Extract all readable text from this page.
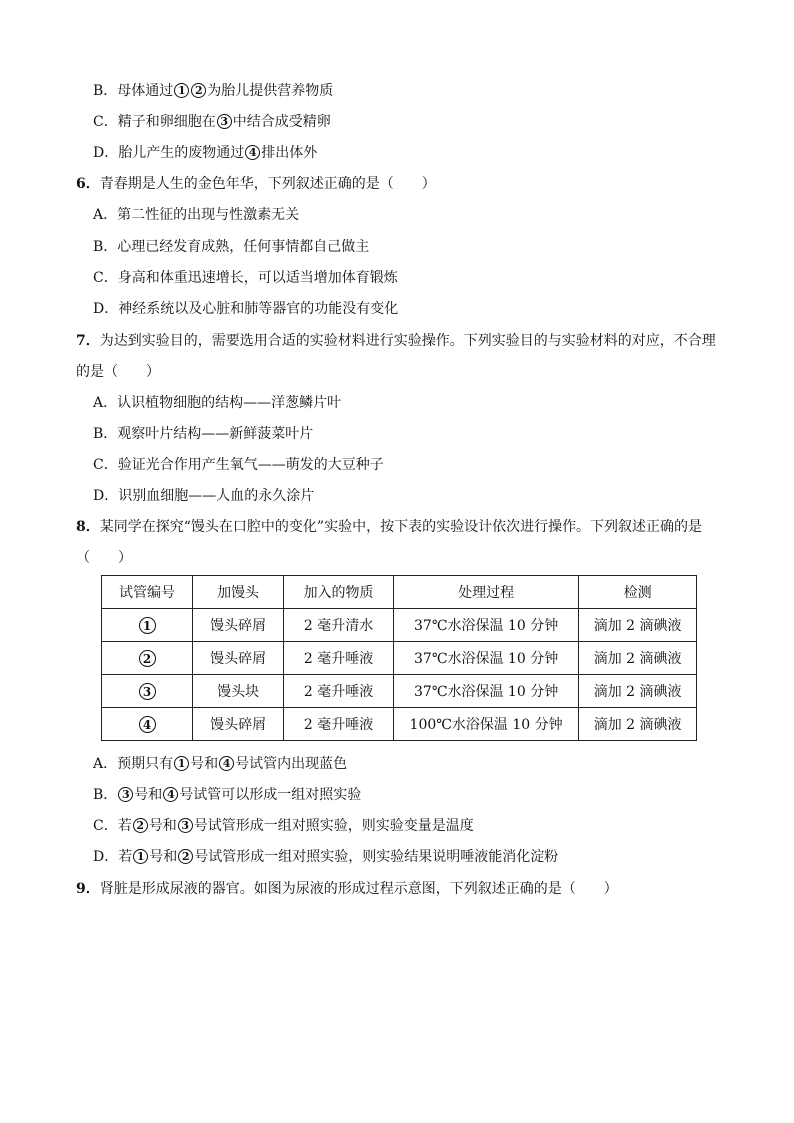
B．母体通过 1 2 为胎儿提供营养物质
C．精子和卵细胞在 3 中结合成受精卵
D．胎儿产生的废物通过 4 排出体外
6．青春期是人生的金色年华，下列叙述正确的是（　　）
A．第二性征的出现与性激素无关
B．心理已经发育成熟，任何事情都自己做主
C．身高和体重迅速增长，可以适当增加体育锻炼
D．神经系统以及心脏和肺等器官的功能没有变化
7．为达到实验目的，需要选用合适的实验材料进行实验操作。下列实验目的与实验材料的对应，不合理
的是（　　）
A．认识植物细胞的结构——洋葱鳞片叶
B．观察叶片结构——新鲜菠菜叶片
C．验证光合作用产生氧气——萌发的大豆种子
D．识别血细胞——人血的永久涂片
8．某同学在探究“馒头在口腔中的变化”实验中，按下表的实验设计依次进行操作。下列叙述正确的是
（　　）
试管编号	加馒头	加入的物质	处理过程	检测
1	馒头碎屑	2 毫升清水	37℃水浴保温 10 分钟	滴加 2 滴碘液
2	馒头碎屑	2 毫升唾液	37℃水浴保温 10 分钟	滴加 2 滴碘液
3	馒头块	2 毫升唾液	37℃水浴保温 10 分钟	滴加 2 滴碘液
4	馒头碎屑	2 毫升唾液	100℃水浴保温 10 分钟	滴加 2 滴碘液
A．预期只有 1 号和 4 号试管内出现蓝色
B． 3 号和 4 号试管可以形成一组对照实验
C．若 2 号和 3 号试管形成一组对照实验，则实验变量是温度
D．若 1 号和 2 号试管形成一组对照实验，则实验结果说明唾液能消化淀粉
9．肾脏是形成尿液的器官。如图为尿液的形成过程示意图，下列叙述正确的是（　　）
